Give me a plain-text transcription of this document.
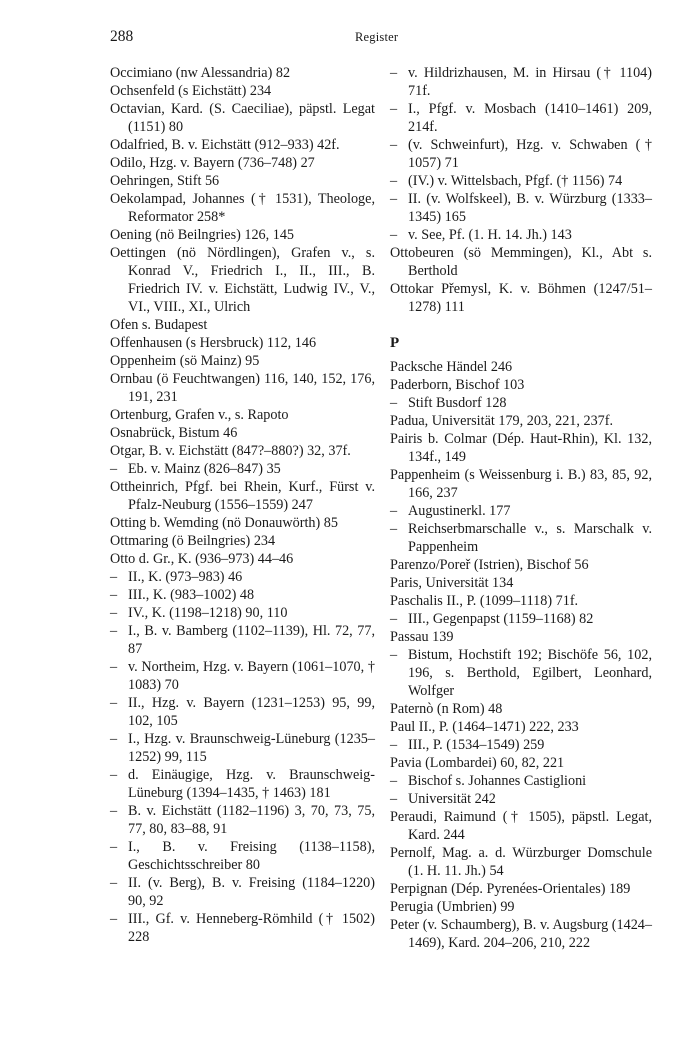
288	Register
Occimiano (nw Alessandria) 82
Ochsenfeld (s Eichstätt) 234
Octavian, Kard. (S. Caeciliae), päpstl. Legat (1151) 80
Odalfried, B. v. Eichstätt (912–933) 42f.
Odilo, Hzg. v. Bayern (736–748) 27
Oehringen, Stift 56
Oekolampad, Johannes († 1531), Theologe, Reformator 258*
Oening (nö Beilngries) 126, 145
Oettingen (nö Nördlingen), Grafen v., s. Konrad V., Friedrich I., II., III., B. Friedrich IV. v. Eichstätt, Ludwig IV., V., VI., VIII., XI., Ulrich
Ofen s. Budapest
Offenhausen (s Hersbruck) 112, 146
Oppenheim (sö Mainz) 95
Ornbau (ö Feuchtwangen) 116, 140, 152, 176, 191, 231
Ortenburg, Grafen v., s. Rapoto
Osnabrück, Bistum 46
Otgar, B. v. Eichstätt (847?–880?) 32, 37f.
– Eb. v. Mainz (826–847) 35
Ottheinrich, Pfgf. bei Rhein, Kurf., Fürst v. Pfalz-Neuburg (1556–1559) 247
Otting b. Wemding (nö Donauwörth) 85
Ottmaring (ö Beilngries) 234
Otto d. Gr., K. (936–973) 44–46
– II., K. (973–983) 46
– III., K. (983–1002) 48
– IV., K. (1198–1218) 90, 110
– I., B. v. Bamberg (1102–1139), Hl. 72, 77, 87
– v. Northeim, Hzg. v. Bayern (1061–1070, † 1083) 70
– II., Hzg. v. Bayern (1231–1253) 95, 99, 102, 105
– I., Hzg. v. Braunschweig-Lüneburg (1235–1252) 99, 115
– d. Einäugige, Hzg. v. Braunschweig-Lüneburg (1394–1435, † 1463) 181
– B. v. Eichstätt (1182–1196) 3, 70, 73, 75, 77, 80, 83–88, 91
– I., B. v. Freising (1138–1158), Geschichtsschreiber 80
– II. (v. Berg), B. v. Freising (1184–1220) 90, 92
– III., Gf. v. Henneberg-Römhild († 1502) 228
– v. Hildrizhausen, M. in Hirsau († 1104) 71f.
– I., Pfgf. v. Mosbach (1410–1461) 209, 214f.
– (v. Schweinfurt), Hzg. v. Schwaben († 1057) 71
– (IV.) v. Wittelsbach, Pfgf. († 1156) 74
– II. (v. Wolfskeel), B. v. Würzburg (1333–1345) 165
– v. See, Pf. (1. H. 14. Jh.) 143
Ottobeuren (sö Memmingen), Kl., Abt s. Berthold
Ottokar Přemysl, K. v. Böhmen (1247/51–1278) 111
P
Packsche Händel 246
Paderborn, Bischof 103
– Stift Busdorf 128
Padua, Universität 179, 203, 221, 237f.
Pairis b. Colmar (Dép. Haut-Rhin), Kl. 132, 134f., 149
Pappenheim (s Weissenburg i. B.) 83, 85, 92, 166, 237
– Augustinerkl. 177
– Reichserbmarschalle v., s. Marschalk v. Pappenheim
Parenzo/Poreř (Istrien), Bischof 56
Paris, Universität 134
Paschalis II., P. (1099–1118) 71f.
– III., Gegenpapst (1159–1168) 82
Passau 139
– Bistum, Hochstift 192; Bischöfe 56, 102, 196, s. Berthold, Egilbert, Leonhard, Wolfger
Paternò (n Rom) 48
Paul II., P. (1464–1471) 222, 233
– III., P. (1534–1549) 259
Pavia (Lombardei) 60, 82, 221
– Bischof s. Johannes Castiglioni
– Universität 242
Peraudi, Raimund († 1505), päpstl. Legat, Kard. 244
Pernolf, Mag. a. d. Würzburger Domschule (1. H. 11. Jh.) 54
Perpignan (Dép. Pyrenées-Orientales) 189
Perugia (Umbrien) 99
Peter (v. Schaumberg), B. v. Augsburg (1424–1469), Kard. 204–206, 210, 222
